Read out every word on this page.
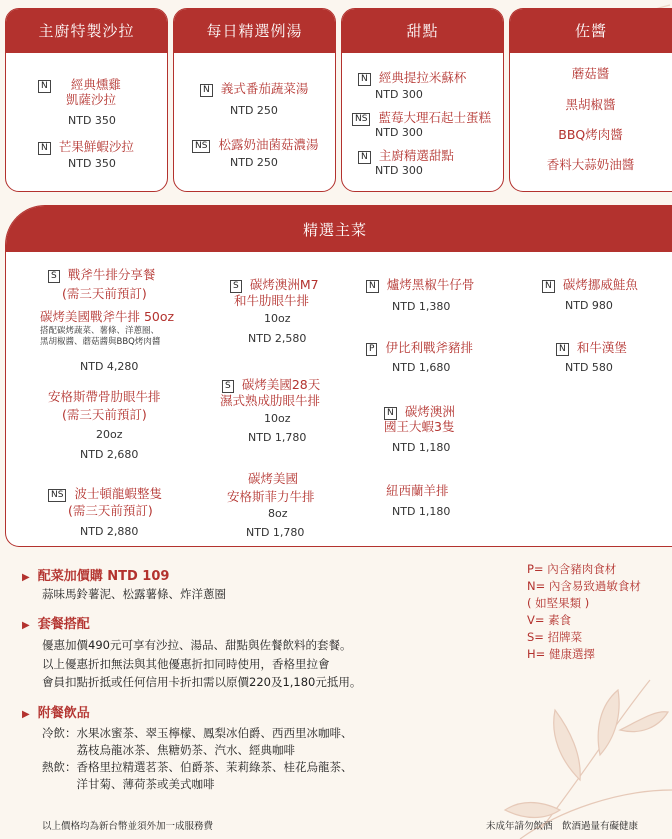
主廚特製沙拉	每日精選例湯	甜點	佐醬
N 經典燻雞
凱薩沙拉
NTD 350
N 芒果鮮蝦沙拉
NTD 350
N 義式番茄蔬菜湯
NTD 250
NS 松露奶油菌菇濃湯
NTD 250
N 經典提拉米蘇杯
NTD 300
NS 藍莓大理石起士蛋糕
NTD 300
N 主廚精選甜點
NTD 300
蘑菇醬
黑胡椒醬
BBQ烤肉醬
香料大蒜奶油醬
精選主菜
S 戰斧牛排分享餐
(需三天前預訂)
碳烤美國戰斧牛排 50oz
搭配碳烤蔬菜、薯條、洋蔥圈、
黑胡椒醬、蘑菇醬與BBQ烤肉醬
NTD 4,280
安格斯帶骨肋眼牛排
(需三天前預訂)
20oz
NTD 2,680
NS 波士頓龍蝦整隻
(需三天前預訂)
NTD 2,880
S 碳烤澳洲M7
和牛肋眼牛排
10oz
NTD 2,580
S 碳烤美國28天
濕式熟成肋眼牛排
10oz
NTD 1,780
碳烤美國
安格斯菲力牛排
8oz
NTD 1,780
N 爐烤黑椒牛仔骨
NTD 1,380
P 伊比利戰斧豬排
NTD 1,680
N 碳烤澳洲
國王大蝦3隻
NTD 1,180
紐西蘭羊排
NTD 1,180
N 碳烤挪威鮭魚
NTD 980
N 和牛漢堡
NTD 580
▶ 配菜加價購 NTD 109
蒜味馬鈴薯泥、松露薯條、炸洋蔥圈
▶ 套餐搭配
優惠加價490元可享有沙拉、湯品、甜點與佐餐飲料的套餐。
以上優惠折扣無法與其他優惠折扣同時使用，香格里拉會
會員扣點折抵或任何信用卡折扣需以原價220及1,180元抵用。
▶ 附餐飲品
冷飲：水果冰蜜茶、翠玉檸檬、鳳梨冰伯爵、西西里冰咖啡、
　　　荔枝烏龍冰茶、焦糖奶茶、汽水、經典咖啡
熱飲：香格里拉精選茗茶、伯爵茶、茉莉綠茶、桂花烏龍茶、
　　　洋甘菊、薄荷茶或美式咖啡
P= 內含豬肉食材
N= 內含易致過敏食材
( 如堅果類 )
V= 素食
S= 招牌菜
H= 健康選擇
以上價格均為新台幣並須外加一成服務費	未成年請勿飲酒　飲酒過量有礙健康
